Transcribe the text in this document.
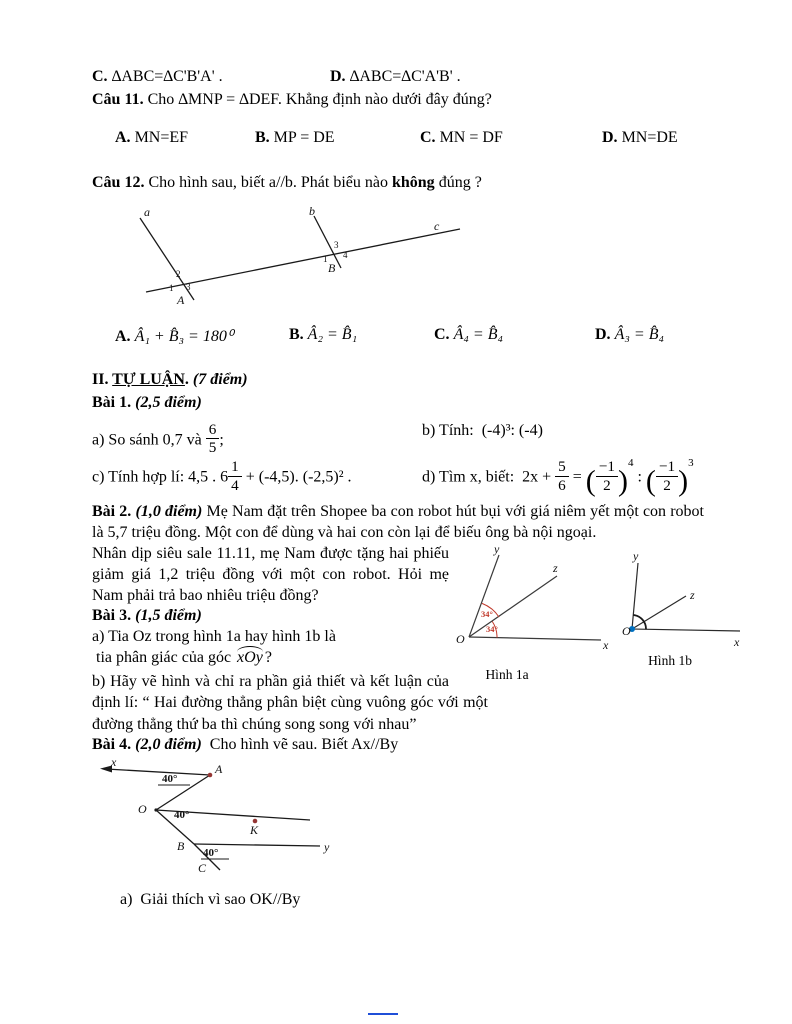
C. ∆ABC=∆C'B'A' .	D. ∆ABC=∆C'A'B' .
Câu 11. Cho ∆MNP = ∆DEF. Khẳng định nào dưới đây đúng?
A. MN=EF	B. MP = DE	C. MN = DF	D. MN=DE
Câu 12. Cho hình sau, biết a//b. Phát biểu nào không đúng ?
a	b
c
2
1 3
A
3
4
1
B
A. Â₁ + B̂₃ = 180⁰	B. Â₂ = B̂₁	C. Â₄ = B̂₄	D. Â₃ = B̂₄
II. TỰ LUẬN. (7 điểm)
Bài 1. (2,5 điểm)
a) So sánh 0,7 và $\frac{6}{5}$ ;
b) Tính:  (-4)³: (-4)
c) Tính hợp lí: 4,5 . $6 \frac{1}{4} + (-4,5)$. (-2,5)² .	d) Tìm x, biết:  $2x + \frac{5}{6}$ = ( $\frac{-1}{2} )^4$ : ( $\frac{-1}{2} )^3$

Bài 2. (1,0 điểm) Mẹ Nam đặt trên Shopee ba con robot hút bụi với giá niêm yết một con robot là 5,7 triệu đồng. Một con để dùng và hai con còn lại để biếu ông bà nội ngoại.

x
y
z
O
34°
34°
Hình 1a
y
z
x
O
Hình 1b

Nhân dịp siêu sale 11.11, mẹ Nam được tặng hai phiếu giảm giá 1,2 triệu đồng với một con robot. Hỏi mẹ Nam phải trả bao nhiêu triệu đồng?

Bài 3. (1,5 điểm)
a) Tia Oz trong hình 1a hay hình 1b là
tia phân giác của góc xOy ?

b) Hãy vẽ hình và chỉ ra phần giả thiết và kết luận của định lí: “ Hai đường thẳng phân biệt cùng vuông góc với một đường thẳng thứ ba thì chúng song song với nhau”

Bài 4. (2,0 điểm)  Cho hình vẽ sau. Biết Ax//By
x	A
40°
O 40°
K
B 40°	y
C
a)  Giải thích vì sao OK//By
